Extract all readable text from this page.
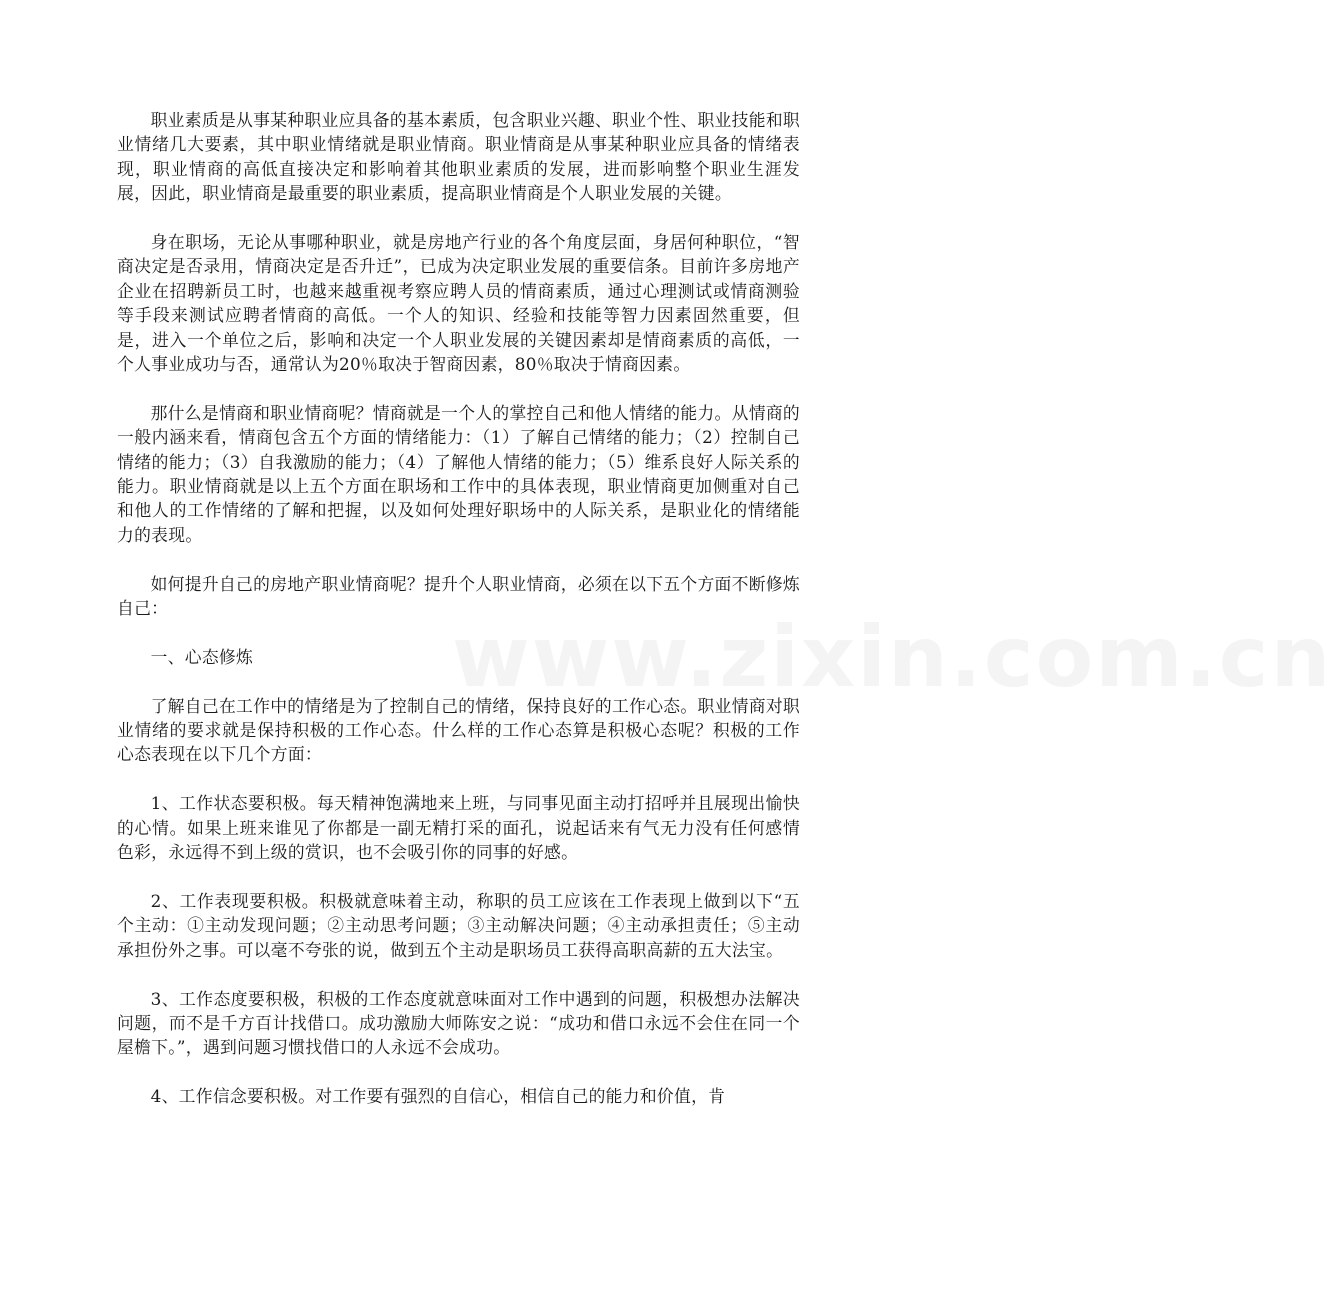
www.zixin.com.cn

职业素质是从事某种职业应具备的基本素质，包含职业兴趣、职业个性、职业技能和职业情绪几大要素，其中职业情绪就是职业情商。职业情商是从事某种职业应具备的情绪表现，职业情商的高低直接决定和影响着其他职业素质的发展，进而影响整个职业生涯发展，因此，职业情商是最重要的职业素质，提高职业情商是个人职业发展的关键。

身在职场，无论从事哪种职业，就是房地产行业的各个角度层面，身居何种职位，“智商决定是否录用，情商决定是否升迁”，已成为决定职业发展的重要信条。目前许多房地产企业在招聘新员工时，也越来越重视考察应聘人员的情商素质，通过心理测试或情商测验等手段来测试应聘者情商的高低。一个人的知识、经验和技能等智力因素固然重要，但是，进入一个单位之后，影响和决定一个人职业发展的关键因素却是情商素质的高低，一个人事业成功与否，通常认为20％取决于智商因素，80％取决于情商因素。

那什么是情商和职业情商呢？情商就是一个人的掌控自己和他人情绪的能力。从情商的一般内涵来看，情商包含五个方面的情绪能力：（1）了解自己情绪的能力；（2）控制自己情绪的能力；（3）自我激励的能力；（4）了解他人情绪的能力；（5）维系良好人际关系的能力。职业情商就是以上五个方面在职场和工作中的具体表现，职业情商更加侧重对自己和他人的工作情绪的了解和把握，以及如何处理好职场中的人际关系，是职业化的情绪能力的表现。

如何提升自己的房地产职业情商呢？提升个人职业情商，必须在以下五个方面不断修炼自己：

一、心态修炼

了解自己在工作中的情绪是为了控制自己的情绪，保持良好的工作心态。职业情商对职业情绪的要求就是保持积极的工作心态。什么样的工作心态算是积极心态呢？积极的工作心态表现在以下几个方面：

1、工作状态要积极。每天精神饱满地来上班，与同事见面主动打招呼并且展现出愉快的心情。如果上班来谁见了你都是一副无精打采的面孔，说起话来有气无力没有任何感情色彩，永远得不到上级的赏识，也不会吸引你的同事的好感。

2、工作表现要积极。积极就意味着主动，称职的员工应该在工作表现上做到以下“五个主动：①主动发现问题；②主动思考问题；③主动解决问题；④主动承担责任；⑤主动承担份外之事。可以毫不夸张的说，做到五个主动是职场员工获得高职高薪的五大法宝。

3、工作态度要积极，积极的工作态度就意味面对工作中遇到的问题，积极想办法解决问题，而不是千方百计找借口。成功激励大师陈安之说：“成功和借口永远不会住在同一个屋檐下。”，遇到问题习惯找借口的人永远不会成功。

4、工作信念要积极。对工作要有强烈的自信心，相信自己的能力和价值，肯
